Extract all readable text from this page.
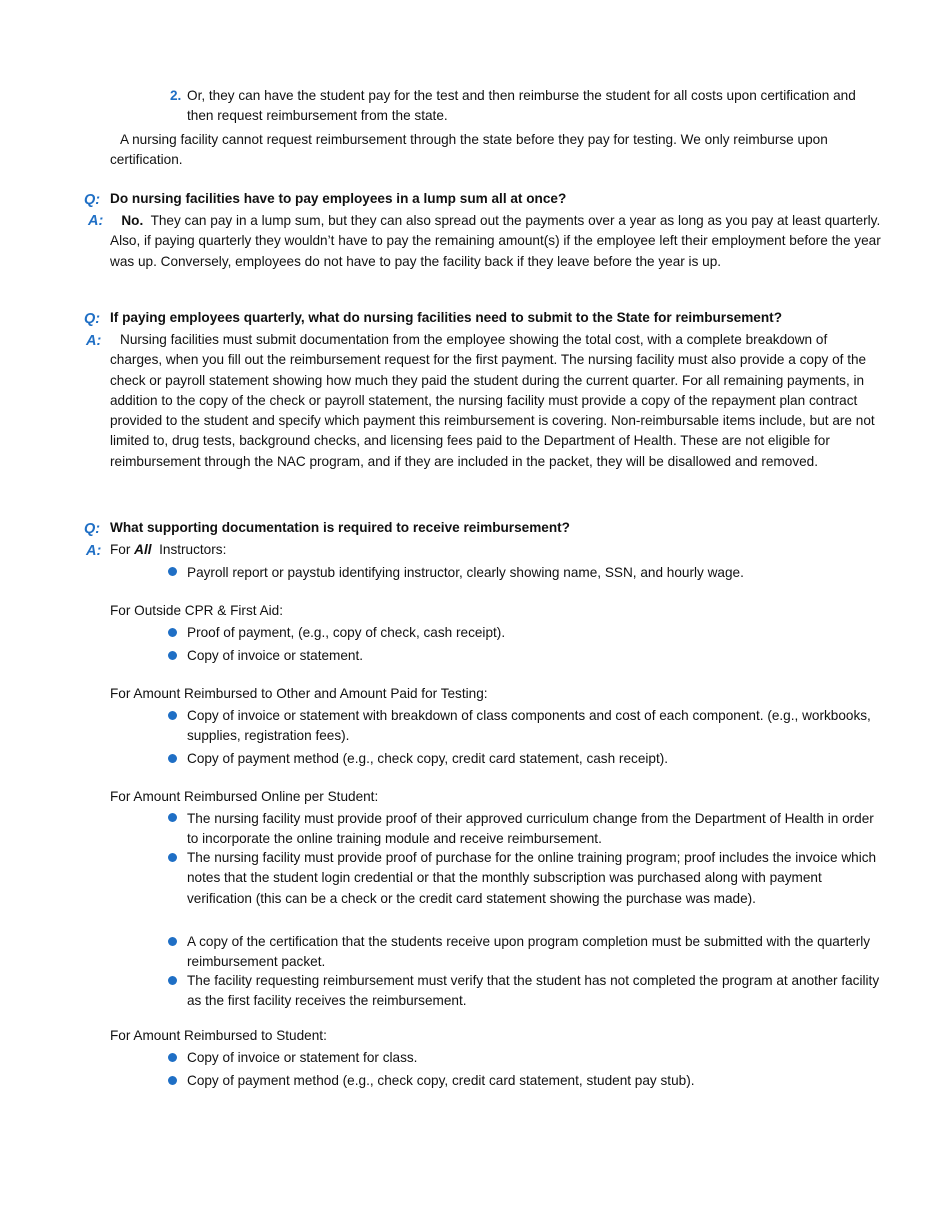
2. Or, they can have the student pay for the test and then reimburse the student for all costs upon certification and then request reimbursement from the state.
A nursing facility cannot request reimbursement through the state before they pay for testing. We only reimburse upon certification.
Q: Do nursing facilities have to pay employees in a lump sum all at once?
A:	No. They can pay in a lump sum, but they can also spread out the payments over a year as long as you pay at least quarterly. Also, if paying quarterly they wouldn’t have to pay the remaining amount(s) if the employee left their employment before the year was up. Conversely, employees do not have to pay the facility back if they leave before the year is up.
Q: If paying employees quarterly, what do nursing facilities need to submit to the State for reimbursement?
A:	Nursing facilities must submit documentation from the employee showing the total cost, with a complete breakdown of charges, when you fill out the reimbursement request for the first payment. The nursing facility must also provide a copy of the check or payroll statement showing how much they paid the student during the current quarter. For all remaining payments, in addition to the copy of the check or payroll statement, the nursing facility must provide a copy of the repayment plan contract provided to the student and specify which payment this reimbursement is covering. Non-reimbursable items include, but are not limited to, drug tests, background checks, and licensing fees paid to the Department of Health. These are not eligible for reimbursement through the NAC program, and if they are included in the packet, they will be disallowed and removed.
Q: What supporting documentation is required to receive reimbursement?
A: For All Instructors:
Payroll report or paystub identifying instructor, clearly showing name, SSN, and hourly wage.
For Outside CPR & First Aid:
Proof of payment, (e.g., copy of check, cash receipt).
Copy of invoice or statement.
For Amount Reimbursed to Other and Amount Paid for Testing:
Copy of invoice or statement with breakdown of class components and cost of each component. (e.g., workbooks, supplies, registration fees).
Copy of payment method (e.g., check copy, credit card statement, cash receipt).
For Amount Reimbursed Online per Student:
The nursing facility must provide proof of their approved curriculum change from the Department of Health in order to incorporate the online training module and receive reimbursement.
The nursing facility must provide proof of purchase for the online training program; proof includes the invoice which notes that the student login credential or that the monthly subscription was purchased along with payment verification (this can be a check or the credit card statement showing the purchase was made).
A copy of the certification that the students receive upon program completion must be submitted with the quarterly reimbursement packet.
The facility requesting reimbursement must verify that the student has not completed the program at another facility as the first facility receives the reimbursement.
For Amount Reimbursed to Student:
Copy of invoice or statement for class.
Copy of payment method (e.g., check copy, credit card statement, student pay stub).
